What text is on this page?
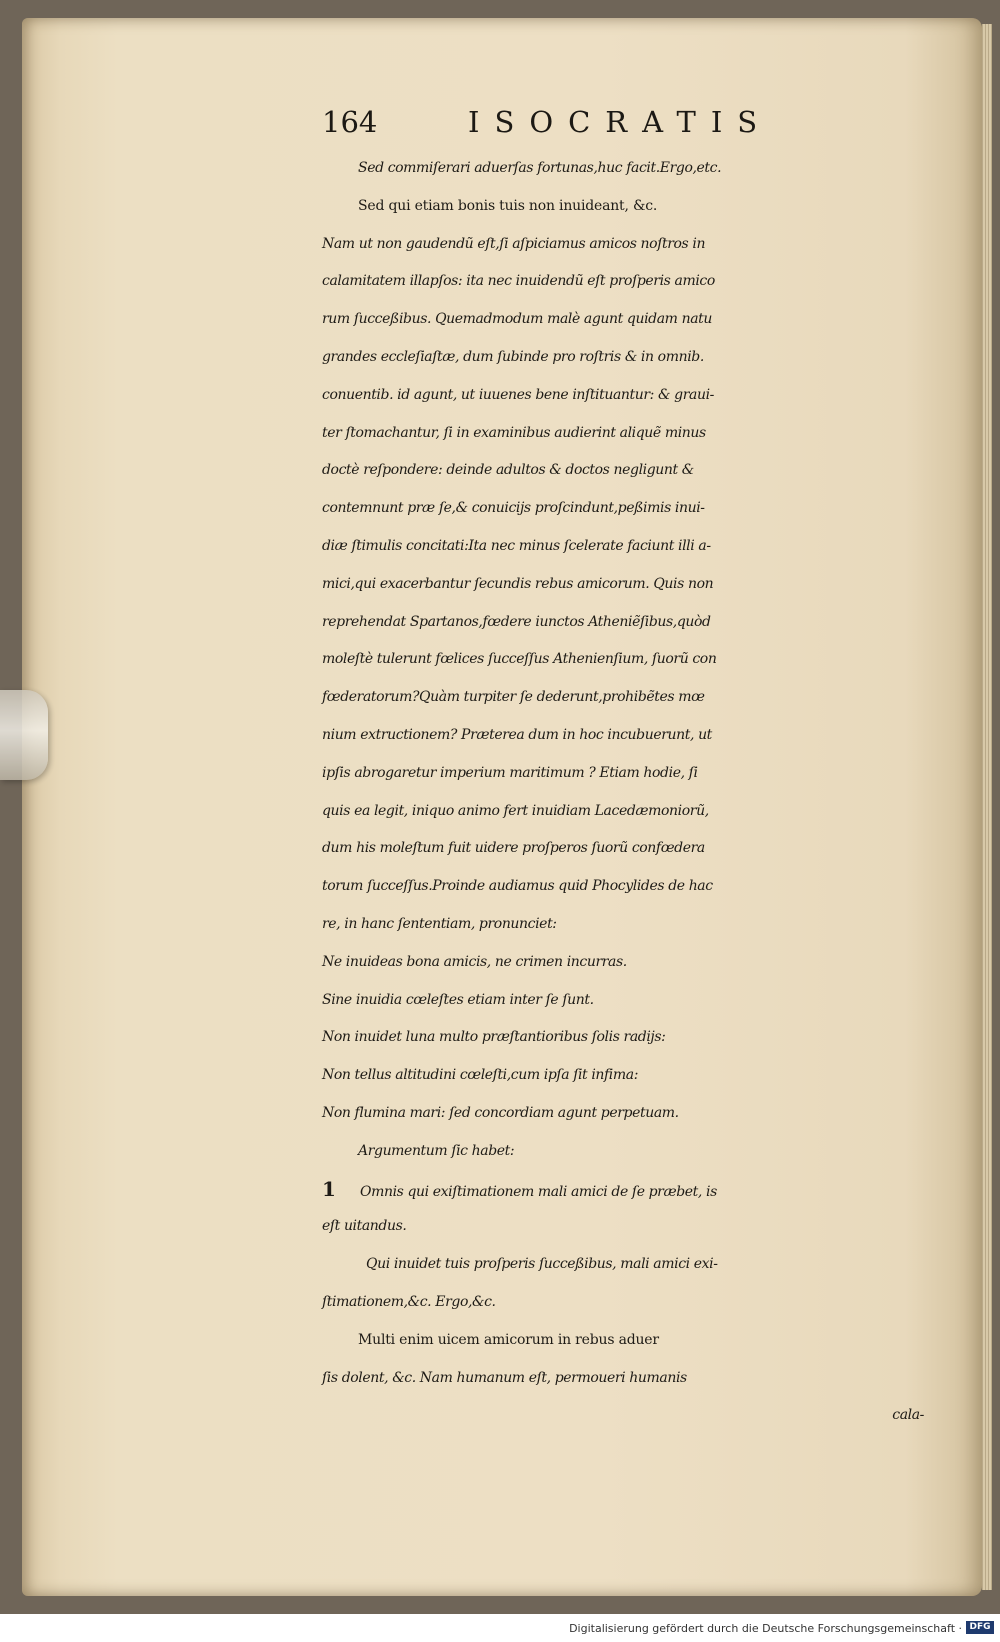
164	ISOCRATIS
Sed commiſerari aduerſas fortunas,huc facit.Ergo,etc.
Sed qui etiam bonis tuis non inuideant, &c.
Nam ut non gaudendũ eſt,ſi aſpiciamus amicos noſtros in
calamitatem illapſos: ita nec inuidendũ eſt proſperis amico
rum ſucceßibus. Quemadmodum malè agunt quidam natu
grandes eccleſiaſtæ, dum ſubinde pro roſtris & in omnib.
conuentib. id agunt, ut iuuenes bene inſtituantur: & graui-
ter ſtomachantur, ſi in examinibus audierint aliquẽ minus
doctè reſpondere: deinde adultos & doctos negligunt &
contemnunt præ ſe,& conuicijs proſcindunt,peßimis inui-
diæ ſtimulis concitati:Ita nec minus ſcelerate faciunt illi a-
mici,qui exacerbantur ſecundis rebus amicorum. Quis non
reprehendat Spartanos,fœdere iunctos Atheniẽſibus,quòd
moleſtè tulerunt fœlices ſucceſſus Athenienſium, ſuorũ con
fœderatorum?Quàm turpiter ſe dederunt,prohibẽtes mœ
nium extructionem? Præterea dum in hoc incubuerunt, ut
ipſis abrogaretur imperium maritimum ? Etiam hodie, ſi
quis ea legit, iniquo animo fert inuidiam Lacedæmoniorũ,
dum his moleſtum fuit uidere proſperos ſuorũ confœdera
torum ſucceſſus.Proinde audiamus quid Phocylides de hac
re, in hanc ſententiam, pronunciet:
Ne inuideas bona amicis, ne crimen incurras.
Sine inuidia cœleſtes etiam inter ſe ſunt.
Non inuidet luna multo præſtantioribus ſolis radijs:
Non tellus altitudini cœleſti,cum ipſa ſit infima:
Non flumina mari: ſed concordiam agunt perpetuam.
Argumentum ſic habet:
1 Omnis qui exiſtimationem mali amici de ſe præbet, is
eſt uitandus.
Qui inuidet tuis proſperis ſucceßibus, mali amici exi-
ſtimationem,&c. Ergo,&c.
Multi enim uicem amicorum in rebus aduer
ſis dolent, &c. Nam humanum eſt, permoueri humanis
cala-
Digitalisierung gefördert durch die Deutsche Forschungsgemeinschaft · DFG
